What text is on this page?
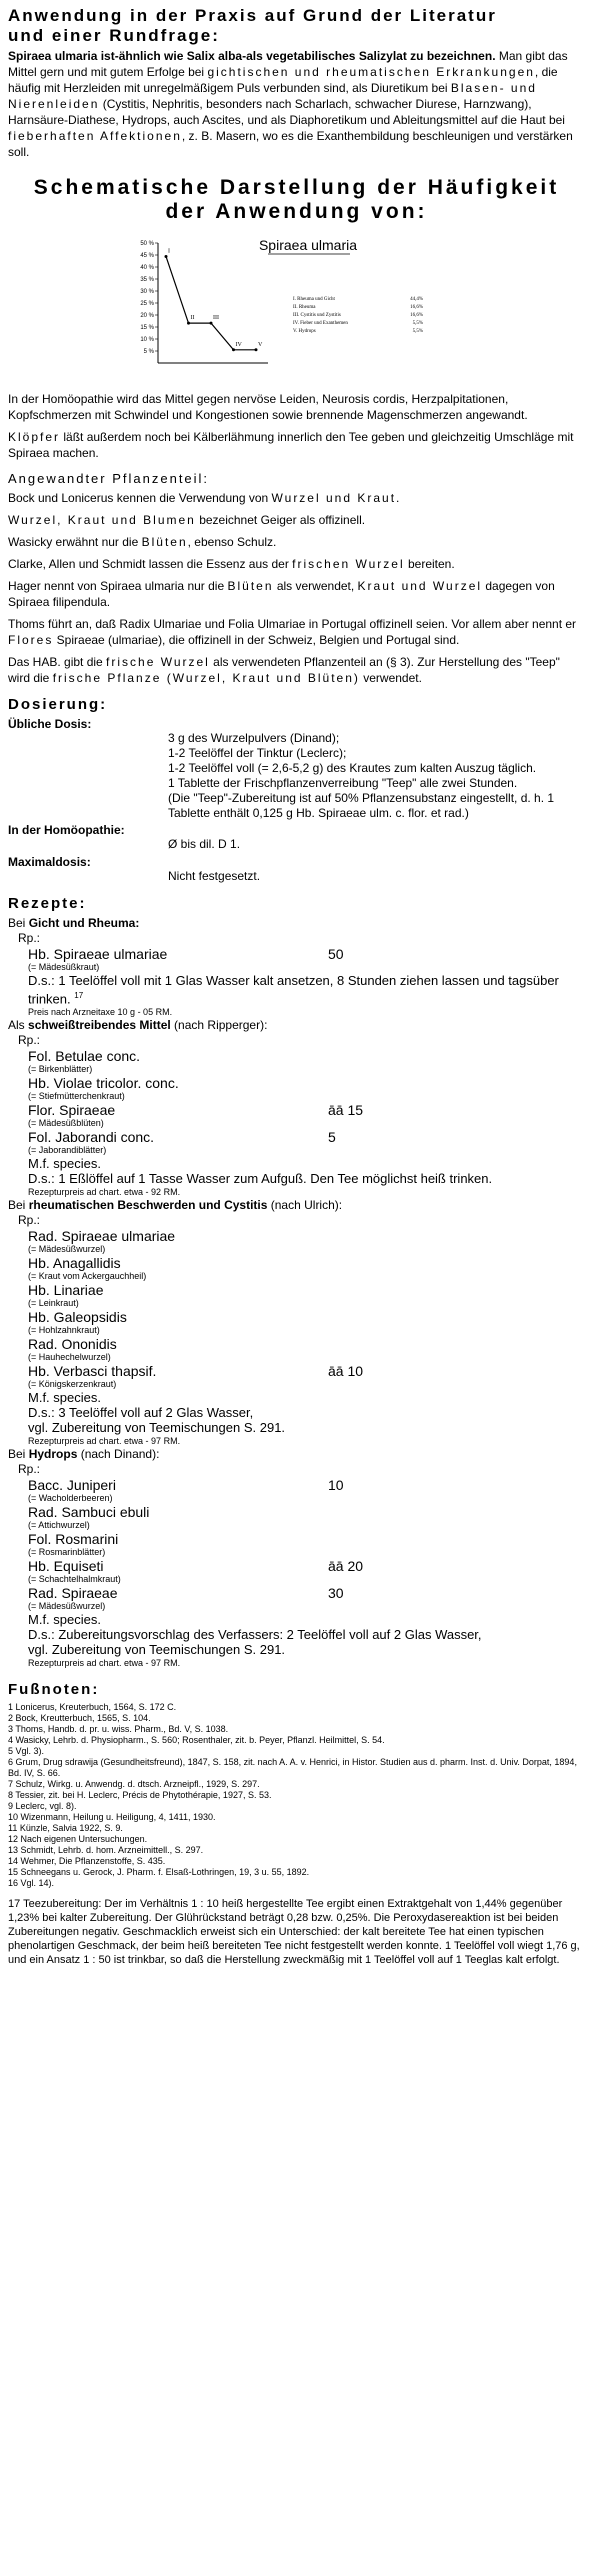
Anwendung in der Praxis auf Grund der Literatur
und einer Rundfrage:
Spiraea ulmaria ist-ähnlich wie Salix alba-als vegetabilisches Salizylat zu bezeichnen. Man gibt das Mittel gern und mit gutem Erfolge bei gichtischen und rheumatischen Erkrankungen, die häufig mit Herzleiden mit unregelmäßigem Puls verbunden sind, als Diuretikum bei Blasen- und Nierenleiden (Cystitis, Nephritis, besonders nach Scharlach, schwacher Diurese, Harnzwang), Harnsäure-Diathese, Hydrops, auch Ascites, und als Diaphoretikum und Ableitungsmittel auf die Haut bei fieberhaften Affektionen, z. B. Masern, wo es die Exanthembildung beschleunigen und verstärken soll.
Schematische Darstellung der Häufigkeit
der Anwendung von:
50 %
45 %
40 %
35 %
30 %
25 %
20 %
15 %
10 %
5 %
I
II	III
IV	V
Spiraea ulmaria
I. Rheuma und Gicht	44,4%
II. Rheuma	16,6%
III. Cystitis und Zystitis	16,6%
IV. Fieber und Exanthemen	5,5%
V. Hydrops	5,5%
In der Homöopathie wird das Mittel gegen nervöse Leiden, Neurosis cordis, Herzpalpitationen, Kopfschmerzen mit Schwindel und Kongestionen sowie brennende Magenschmerzen angewandt.
Klöpfer läßt außerdem noch bei Kälberlähmung innerlich den Tee geben und gleichzeitig Umschläge mit Spiraea machen.
Angewandter Pflanzenteil:
Bock und Lonicerus kennen die Verwendung von Wurzel und Kraut.
Wurzel, Kraut und Blumen bezeichnet Geiger als offizinell.
Wasicky erwähnt nur die Blüten, ebenso Schulz.
Clarke, Allen und Schmidt lassen die Essenz aus der frischen Wurzel bereiten.
Hager nennt von Spiraea ulmaria nur die Blüten als verwendet, Kraut und Wurzel dagegen von Spiraea filipendula.
Thoms führt an, daß Radix Ulmariae und Folia Ulmariae in Portugal offizinell seien. Vor allem aber nennt er Flores Spiraeae (ulmariae), die offizinell in der Schweiz, Belgien und Portugal sind.
Das HAB. gibt die frische Wurzel als verwendeten Pflanzenteil an (§ 3). Zur Herstellung des "Teep" wird die frische Pflanze (Wurzel, Kraut und Blüten) verwendet.
Dosierung:
Übliche Dosis:
3 g des Wurzelpulvers (Dinand);
1-2 Teelöffel der Tinktur (Leclerc);
1-2 Teelöffel voll (= 2,6-5,2 g) des Krautes zum kalten Auszug täglich.
1 Tablette der Frischpflanzenverreibung "Teep" alle zwei Stunden.
(Die "Teep"-Zubereitung ist auf 50% Pflanzensubstanz eingestellt, d. h. 1 Tablette enthält 0,125 g Hb. Spiraeae ulm. c. flor. et rad.)
In der Homöopathie:
Ø bis dil. D 1.
Maximaldosis:
Nicht festgesetzt.
Rezepte:
Bei Gicht und Rheuma:
Rp.:
Hb. Spiraeae ulmariae	50
(= Mädesüßkraut)
D.s.: 1 Teelöffel voll mit 1 Glas Wasser kalt ansetzen, 8 Stunden ziehen lassen und tagsüber trinken. $^{17}$
Preis nach Arzneitaxe 10 g - 05 RM.
Als schweißtreibendes Mittel (nach Ripperger):
Rp.:
Fol. Betulae conc.
(= Birkenblätter)
Hb. Violae tricolor. conc.
(= Stiefmütterchenkraut)
Flor. Spiraeae	āā 15
(= Mädesüßblüten)
Fol. Jaborandi conc.	5
(= Jaborandiblätter)
M.f. species.
D.s.: 1 Eßlöffel auf 1 Tasse Wasser zum Aufguß. Den Tee möglichst heiß trinken.
Rezepturpreis ad chart. etwa - 92 RM.
Bei rheumatischen Beschwerden und Cystitis (nach Ulrich):
Rp.:
Rad. Spiraeae ulmariae
(= Mädesüßwurzel)
Hb. Anagallidis
(= Kraut vom Ackergauchheil)
Hb. Linariae
(= Leinkraut)
Hb. Galeopsidis
(= Hohlzahnkraut)
Rad. Ononidis
(= Hauhechelwurzel)
Hb. Verbasci thapsif.	āā 10
(= Königskerzenkraut)
M.f. species.
D.s.: 3 Teelöffel voll auf 2 Glas Wasser,
vgl. Zubereitung von Teemischungen S. 291.
Rezepturpreis ad chart. etwa - 97 RM.
Bei Hydrops (nach Dinand):
Rp.:
Bacc. Juniperi	10
(= Wacholderbeeren)
Rad. Sambuci ebuli
(= Attichwurzel)
Fol. Rosmarini
(= Rosmarinblätter)
Hb. Equiseti	āā 20
(= Schachtelhalmkraut)
Rad. Spiraeae	30
(= Mädesüßwurzel)
M.f. species.
D.s.: Zubereitungsvorschlag des Verfassers: 2 Teelöffel voll auf 2 Glas Wasser,
vgl. Zubereitung von Teemischungen S. 291.
Rezepturpreis ad chart. etwa - 97 RM.
Fußnoten:
1 Lonicerus, Kreuterbuch, 1564, S. 172 C.
2 Bock, Kreutterbuch, 1565, S. 104.
3 Thoms, Handb. d. pr. u. wiss. Pharm., Bd. V, S. 1038.
4 Wasicky, Lehrb. d. Physiopharm., S. 560; Rosenthaler, zit. b. Peyer, Pflanzl. Heilmittel, S. 54.
5 Vgl. 3).
6 Grum, Drug sdrawija (Gesundheitsfreund), 1847, S. 158, zit. nach A. A. v. Henrici, in Histor. Studien aus d. pharm. Inst. d. Univ. Dorpat, 1894, Bd. IV, S. 66.
7 Schulz, Wirkg. u. Anwendg. d. dtsch. Arzneipfl., 1929, S. 297.
8 Tessier, zit. bei H. Leclerc, Précis de Phytothérapie, 1927, S. 53.
9 Leclerc, vgl. 8).
10 Wizenmann, Heilung u. Heiligung, 4, 1411, 1930.
11 Künzle, Salvia 1922, S. 9.
12 Nach eigenen Untersuchungen.
13 Schmidt, Lehrb. d. hom. Arzneimittell., S. 297.
14 Wehmer, Die Pflanzenstoffe, S. 435.
15 Schneegans u. Gerock, J. Pharm. f. Elsaß-Lothringen, 19, 3 u. 55, 1892.
16 Vgl. 14).
17 Teezubereitung: Der im Verhältnis 1 : 10 heiß hergestellte Tee ergibt einen Extraktgehalt von 1,44% gegenüber 1,23% bei kalter Zubereitung. Der Glührückstand beträgt 0,28 bzw. 0,25%. Die Peroxydasereaktion ist bei beiden Zubereitungen negativ. Geschmacklich erweist sich ein Unterschied: der kalt bereitete Tee hat einen typischen phenolartigen Geschmack, der beim heiß bereiteten Tee nicht festgestellt werden konnte. 1 Teelöffel voll wiegt 1,76 g, und ein Ansatz 1 : 50 ist trinkbar, so daß die Herstellung zweckmäßig mit 1 Teelöffel voll auf 1 Teeglas kalt erfolgt.
